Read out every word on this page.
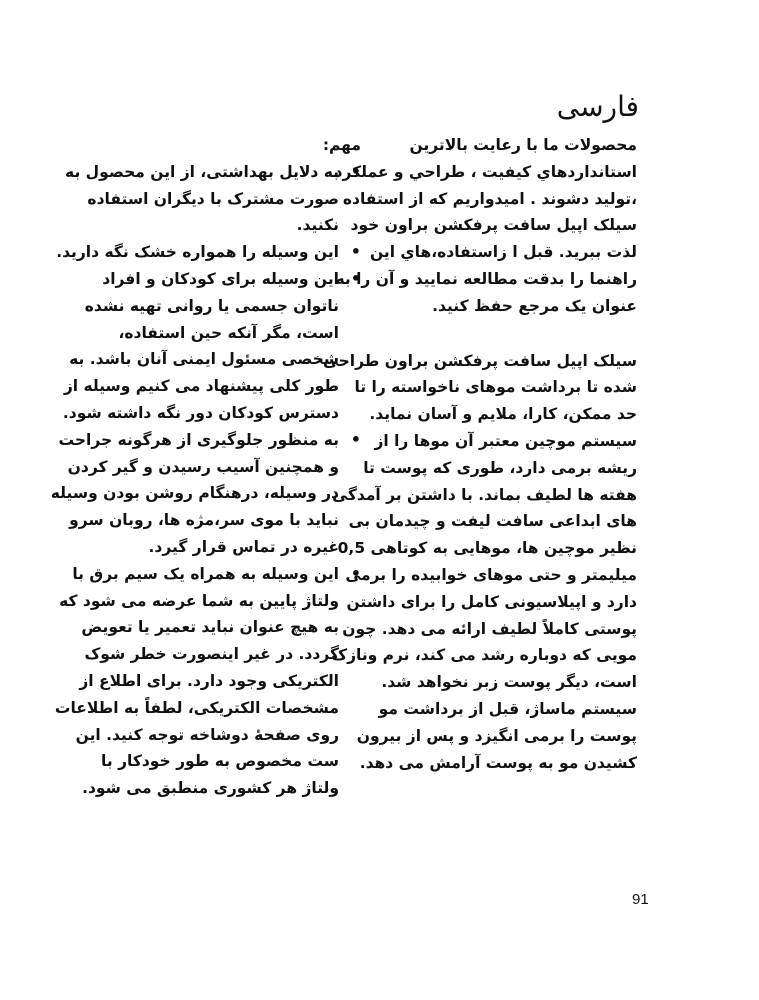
فارسی
محصولات ما با رعایت بالاترین
استانداردهاي كيفيت ، طراحي و عملكرد
،تولید دشوند . امیدواریم كه از استفاده
سیلک اپیل سافت پرفکشن براون خود
لذت ببرید. قبل ا زاستفاده،هاي اين
راهنما را بدقت مطالعه نمایید و آن را به
عنوان یک مرجع حفظ کنید.
سیلک اپیل سافت پرفکشن براون طراحی
شده تا برداشت موهای ناخواسته را تا
حد ممکن، کارا، ملایم و آسان نماید.
سیستم موچین معتبر آن موها را از
ریشه برمی دارد، طوری که پوست تا
هفته ها لطیف بماند. با داشتن بر آمدگی
های ابداعی سافت لیفت و چیدمان بی
نظیر موچین ها، موهایی به کوتاهی 0,5
میلیمتر و حتی موهای خوابیده را برمی
دارد و اپیلاسیونی کامل را برای داشتن
پوستی کاملاً لطیف ارائه می دهد. چون
مویی که دوباره رشد می کند، نرم ونازک
است، دیگر پوست زبر نخواهد شد.
سیستم ماساژ، قبل از برداشت مو
پوست را برمی انگیزد و پس از بیرون
کشیدن مو به پوست آرامش می دهد.
مهم:
• به دلایل بهداشتی، از این محصول به
صورت مشترک با دیگران استفاده
نکنید.
• این وسیله را همواره خشک نگه دارید.
• این وسیله برای کودکان و افراد
ناتوان جسمی یا روانی تهیه نشده
است، مگر آنکه حین استفاده،
شخصی مسئول ایمنی آنان باشد. به
طور کلی پیشنهاد می کنیم وسیله از
دسترس کودکان دور نگه داشته شود.
• به منظور جلوگیری از هرگونه جراحت
و همچنین آسیب رسیدن و گیر کردن
در وسیله، درهنگام روشن بودن وسیله
نباید با موی سر،مژه ها، روبان سرو
غیره در تماس قرار گیرد.
• این وسیله به همراه یک سیم برق با
ولتاژ پایین به شما عرضه می شود که
به هیچ عنوان نباید تعمیر یا تعویض
گردد. در غیر اینصورت خطر شوک
الکتریکی وجود دارد. برای اطلاع از
مشخصات الکتریکی، لطفاً به اطلاعات
روی صفحهٔ دوشاخه توجه کنید. این
ست مخصوص به طور خودکار با
ولتاژ هر کشوری منطبق می شود.

91
